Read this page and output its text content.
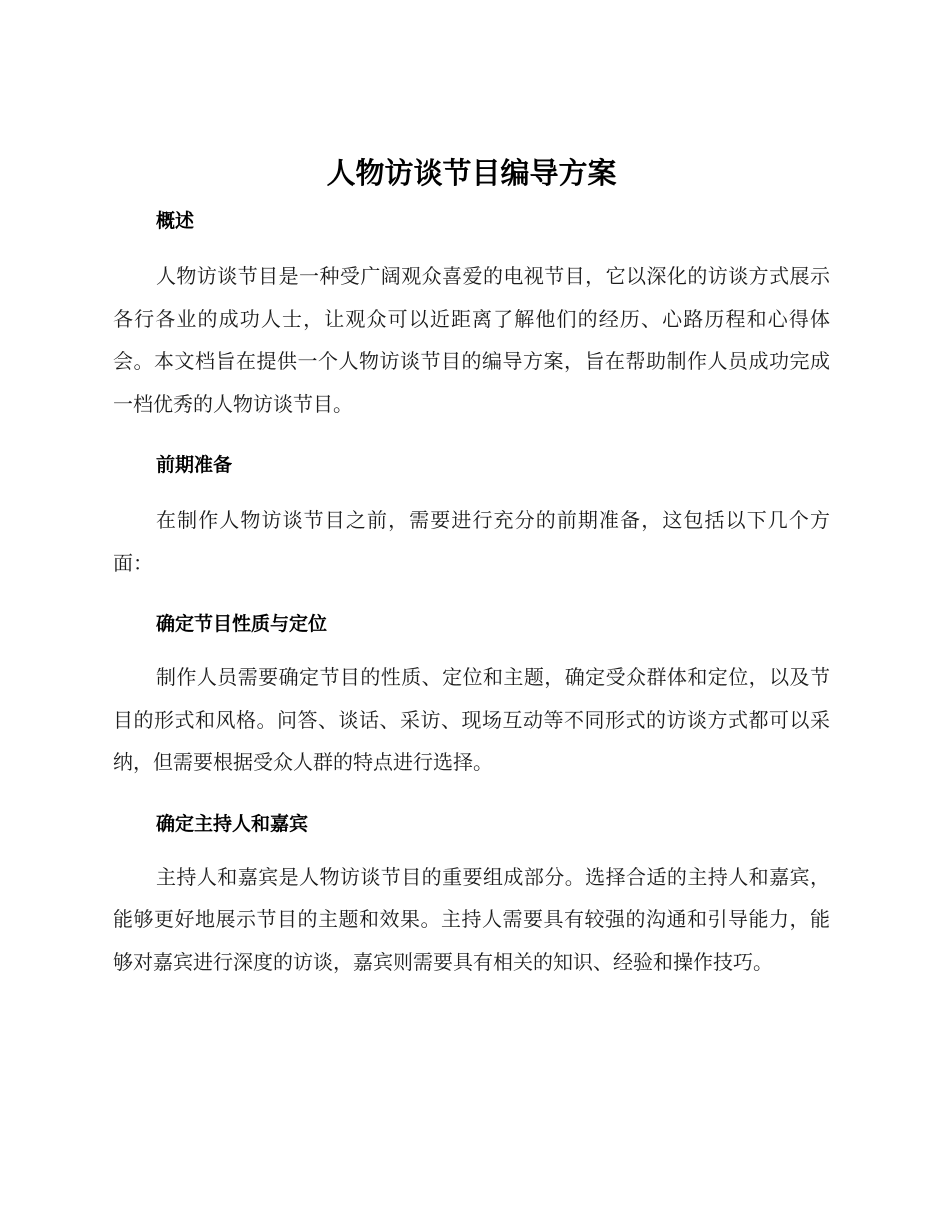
人物访谈节目编导方案
概述

人物访谈节目是一种受广阔观众喜爱的电视节目，它以深化的访谈方式展示各行各业的成功人士，让观众可以近距离了解他们的经历、心路历程和心得体会。本文档旨在提供一个人物访谈节目的编导方案，旨在帮助制作人员成功完成一档优秀的人物访谈节目。

前期准备

在制作人物访谈节目之前，需要进行充分的前期准备，这包括以下几个方面：

确定节目性质与定位

制作人员需要确定节目的性质、定位和主题，确定受众群体和定位，以及节目的形式和风格。问答、谈话、采访、现场互动等不同形式的访谈方式都可以采纳，但需要根据受众人群的特点进行选择。

确定主持人和嘉宾

主持人和嘉宾是人物访谈节目的重要组成部分。选择合适的主持人和嘉宾，能够更好地展示节目的主题和效果。主持人需要具有较强的沟通和引导能力，能够对嘉宾进行深度的访谈，嘉宾则需要具有相关的知识、经验和操作技巧。
